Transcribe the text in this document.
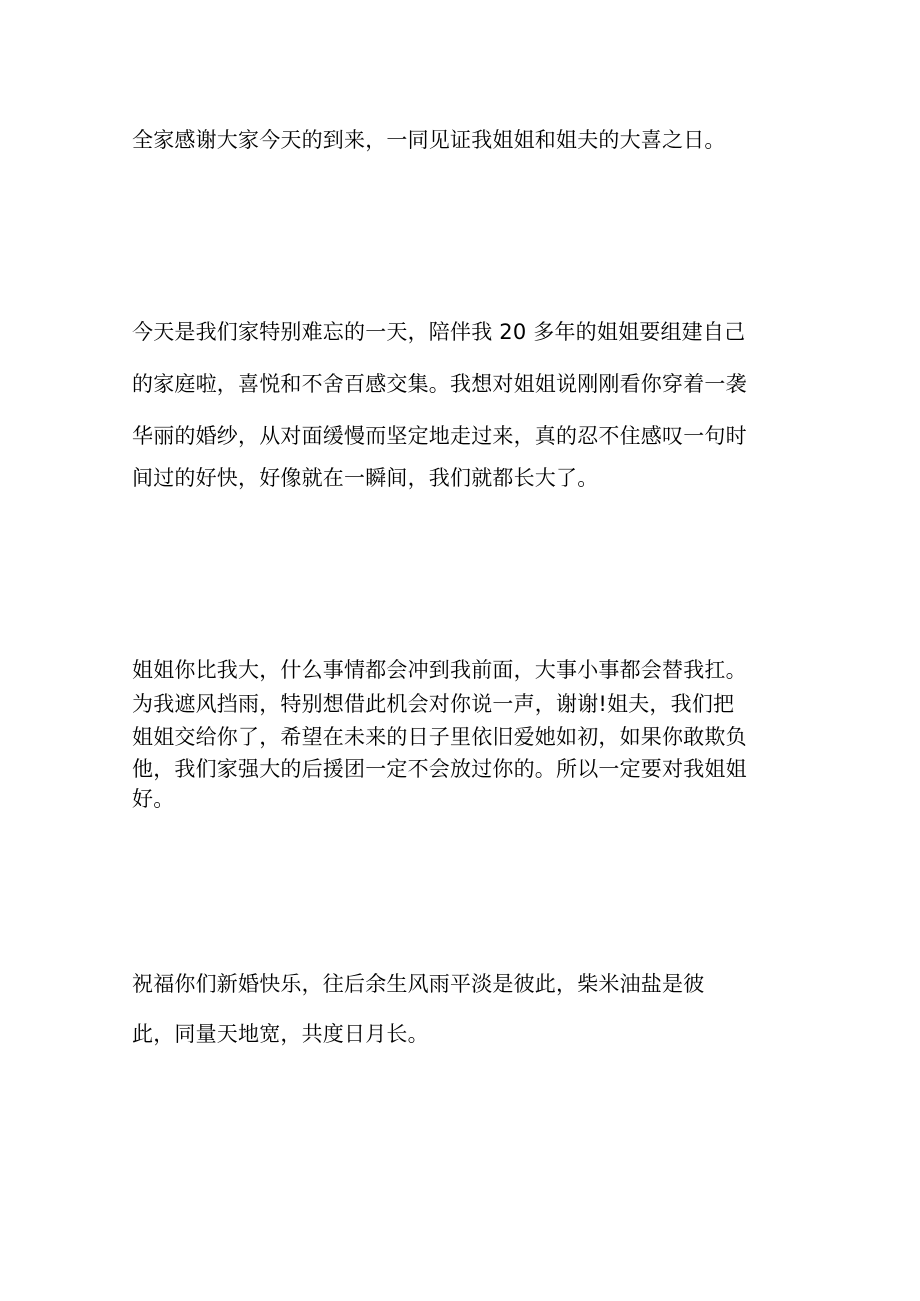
全家感谢大家今天的到来，一同见证我姐姐和姐夫的大喜之日。

今天是我们家特别难忘的一天，陪伴我 20 多年的姐姐要组建自己

的家庭啦，喜悦和不舍百感交集。我想对姐姐说刚刚看你穿着一袭

华丽的婚纱，从对面缓慢而坚定地走过来，真的忍不住感叹一句时

间过的好快，好像就在一瞬间，我们就都长大了。

姐姐你比我大，什么事情都会冲到我前面，大事小事都会替我扛。

为我遮风挡雨，特别想借此机会对你说一声，谢谢!姐夫，我们把

姐姐交给你了，希望在未来的日子里依旧爱她如初，如果你敢欺负

他，我们家强大的后援团一定不会放过你的。所以一定要对我姐姐

好。

祝福你们新婚快乐，往后余生风雨平淡是彼此，柴米油盐是彼

此，同量天地宽，共度日月长。
